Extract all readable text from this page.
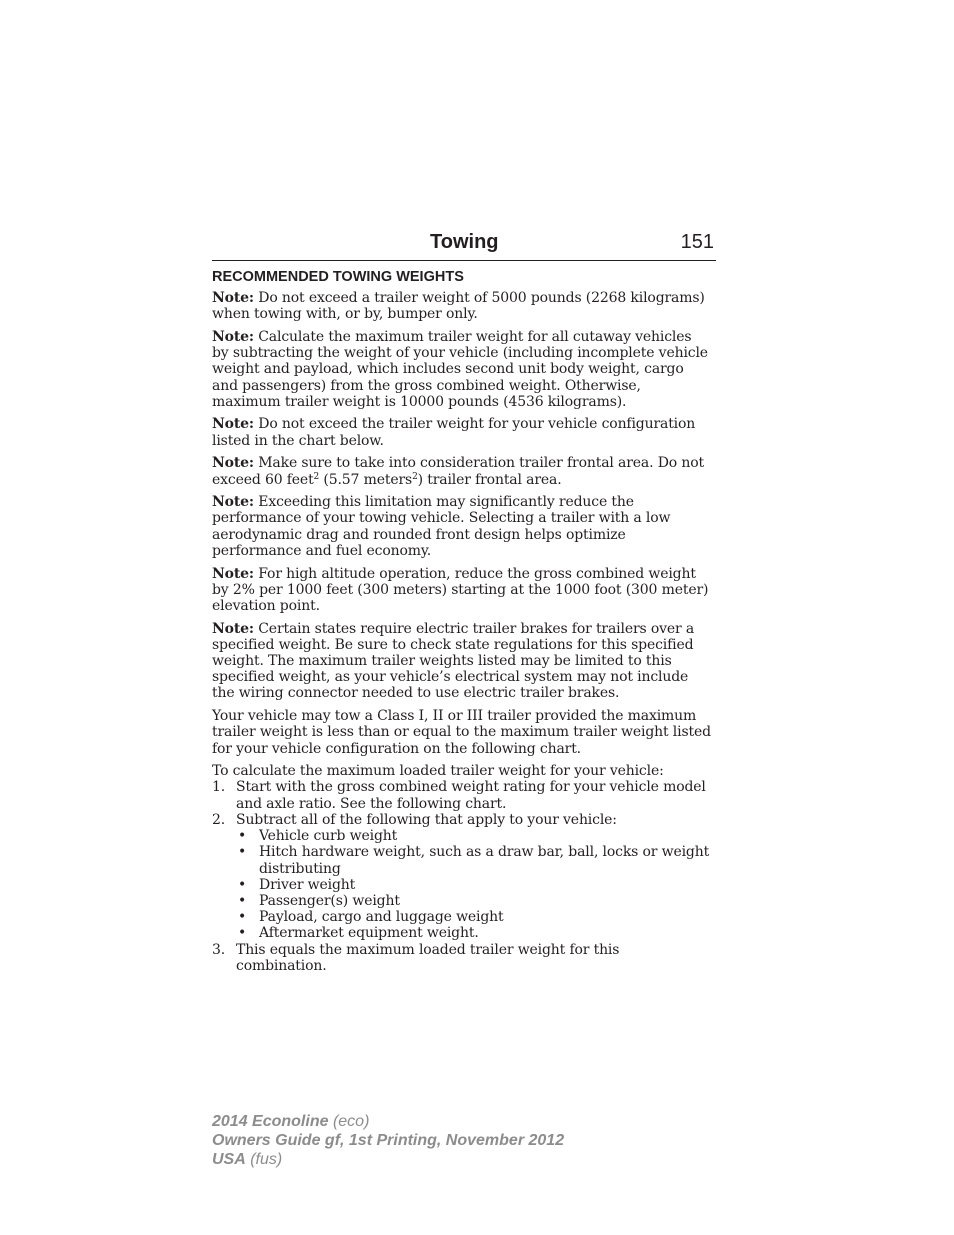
Towing	151
RECOMMENDED TOWING WEIGHTS

Note: Do not exceed a trailer weight of 5000 pounds (2268 kilograms) when towing with, or by, bumper only.

Note: Calculate the maximum trailer weight for all cutaway vehicles by subtracting the weight of your vehicle (including incomplete vehicle weight and payload, which includes second unit body weight, cargo and passengers) from the gross combined weight. Otherwise, maximum trailer weight is 10000 pounds (4536 kilograms).

Note: Do not exceed the trailer weight for your vehicle configuration listed in the chart below.

Note: Make sure to take into consideration trailer frontal area. Do not exceed 60 feet$^2$ (5.57 meters$^2$) trailer frontal area.

Note: Exceeding this limitation may significantly reduce the performance of your towing vehicle. Selecting a trailer with a low aerodynamic drag and rounded front design helps optimize performance and fuel economy.

Note: For high altitude operation, reduce the gross combined weight by 2% per 1000 feet (300 meters) starting at the 1000 foot (300 meter) elevation point.

Note: Certain states require electric trailer brakes for trailers over a specified weight. Be sure to check state regulations for this specified weight. The maximum trailer weights listed may be limited to this specified weight, as your vehicle’s electrical system may not include the wiring connector needed to use electric trailer brakes.

Your vehicle may tow a Class I, II or III trailer provided the maximum trailer weight is less than or equal to the maximum trailer weight listed for your vehicle configuration on the following chart.

To calculate the maximum loaded trailer weight for your vehicle:

1. Start with the gross combined weight rating for your vehicle model and axle ratio. See the following chart.
2. Subtract all of the following that apply to your vehicle:
• Vehicle curb weight
• Hitch hardware weight, such as a draw bar, ball, locks or weight distributing
• Driver weight
• Passenger(s) weight
• Payload, cargo and luggage weight
• Aftermarket equipment weight.
3. This equals the maximum loaded trailer weight for this combination.
2014 Econoline (eco)
Owners Guide gf, 1st Printing, November 2012
USA (fus)
